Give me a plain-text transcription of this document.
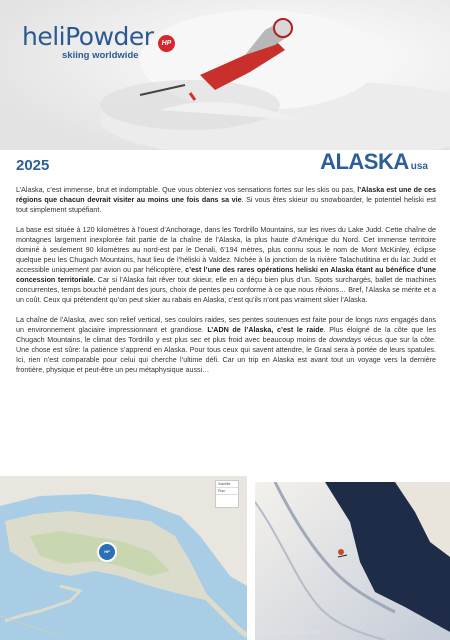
heliPowder
skiing worldwide
HP
2025	ALASKA usa

L’Alaska, c’est immense, brut et indomptable. Que vous obteniez vos sensations fortes sur les skis ou pas, l’Alaska est une de ces régions que chacun devrait visiter au moins une fois dans sa vie. Si vous êtes skieur ou snowboarder, le potentiel heliski est tout simplement stupéfiant.

La base est située à 120 kilomètres à l’ouest d’Anchorage, dans les Tordrillo Mountains, sur les rives du Lake Judd. Cette chaîne de montagnes largement inexplorée fait partie de la chaîne de l’Alaska, la plus haute d’Amérique du Nord. Cet immense territoire dominé à seulement 90 kilomètres au nord-est par le Denali, 6’194 mètres, plus connu sous le nom de Mont McKinley, éclipse quelque peu les Chugach Mountains, haut lieu de l’héliski à Valdez. Nichée à la jonction de la rivière Talachutlitina et du lac Judd et accessible uniquement par avion ou par hélicoptère, c’est l’une des rares opérations heliski en Alaska étant au bénéfice d’une concession territoriale. Car si l’Alaska fait rêver tout skieur, elle en a déçu bien plus d’un. Spots surchargés, ballet de machines concurrentes, temps bouché pendant des jours, choix de pentes peu conforme à ce que nous rêvions… Bref, l’Alaska se mérite et a un coût. Ceux qui prétendent qu’on peut skier au rabais en Alaska, c’est qu’ils n’ont pas vraiment skier l’Alaska.

La chaîne de l’Alaska, avec son relief vertical, ses couloirs raides, ses pentes soutenues est faite pour de longs runs engagés dans un environnement glaciaire impressionnant et grandiose. L’ADN de l’Alaska, c’est le raide. Plus éloigné de la côte que les Chugach Mountains, le climat des Tordrillo y est plus sec et plus froid avec beaucoup moins de downdays vécus que sur la côte. Une chose est sûre: la patience s’apprend en Alaska. Pour tous ceux qui savent attendre, le Graal sera à portée de leurs spatules. Ici, rien n’est comparable pour celui qui cherche l’ultime défi. Car un trip en Alaska est avant tout un voyage vers la dernière frontière, physique et peut-être un peu métaphysique aussi…

Satellite
Plan
HP
© Crédit photographique TML
